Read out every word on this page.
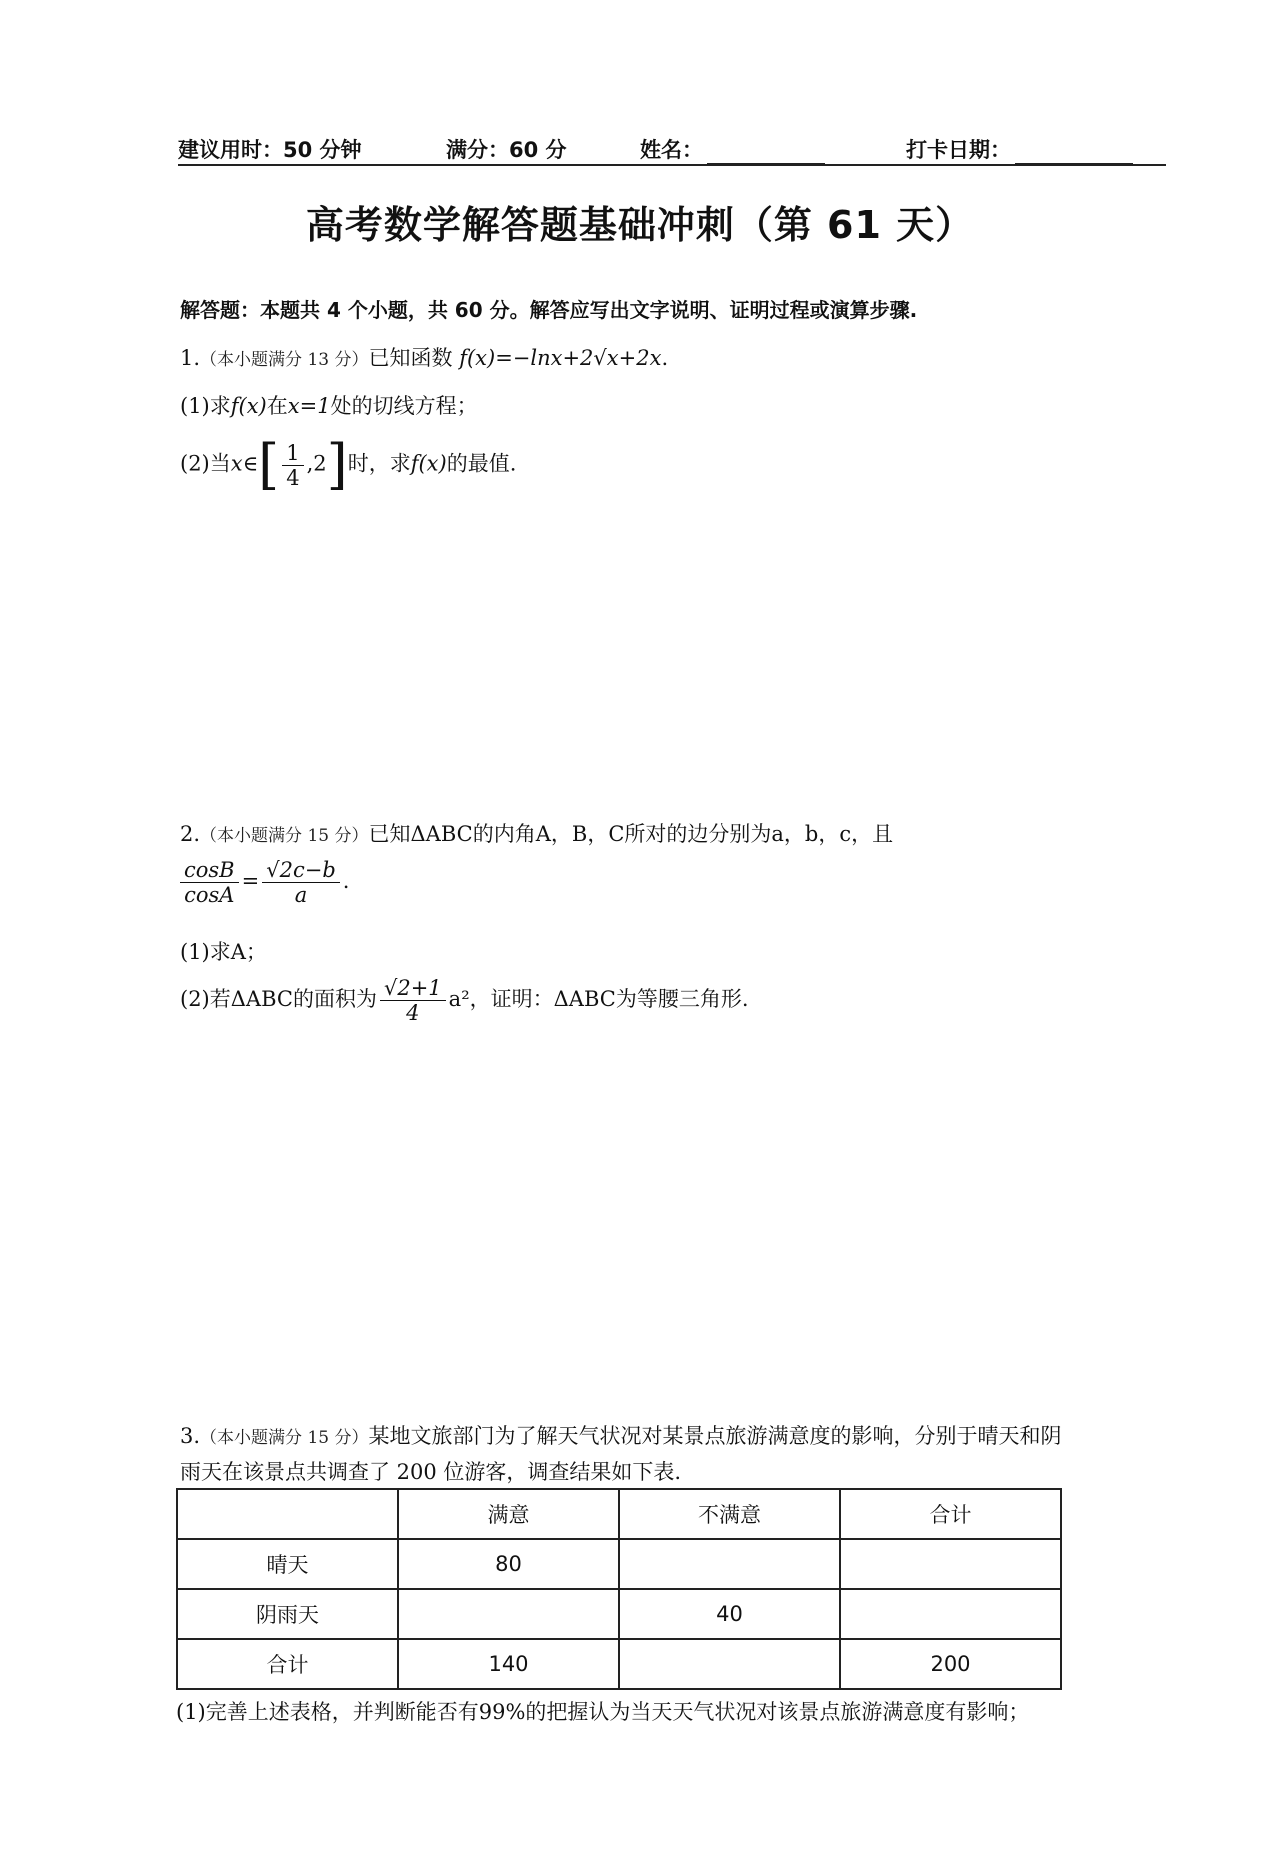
建议用时：50 分钟	满分：60 分	姓名：	打卡日期：
高考数学解答题基础冲刺（第 61 天）
解答题：本题共 4 个小题，共 60 分。解答应写出文字说明、证明过程或演算步骤.
1.（本小题满分 13 分）已知函数 f(x)=−lnx+2√x+2x.
(1)求f(x)在x=1处的切线方程；
(2)当x∈[ $\frac{1}{4} ,2$]时，求f(x)的最值.
2.（本小题满分 15 分）已知ΔABC的内角A，B，C所对的边分别为a，b，c，且
$\frac{\cos B}{\cos A} = \frac{√2c-b}{a}$ .
(1)求A；
(2)若ΔABC的面积为 $\frac{√2+1}{4} a^2$，证明：ΔABC为等腰三角形.
3.（本小题满分 15 分）某地文旅部门为了解天气状况对某景点旅游满意度的影响，分别于晴天和阴
雨天在该景点共调查了 200 位游客，调查结果如下表.
	满意	不满意	合计
晴天	80		
阴雨天		40	
合计	140		200
(1)完善上述表格，并判断能否有99%的把握认为当天天气状况对该景点旅游满意度有影响；
